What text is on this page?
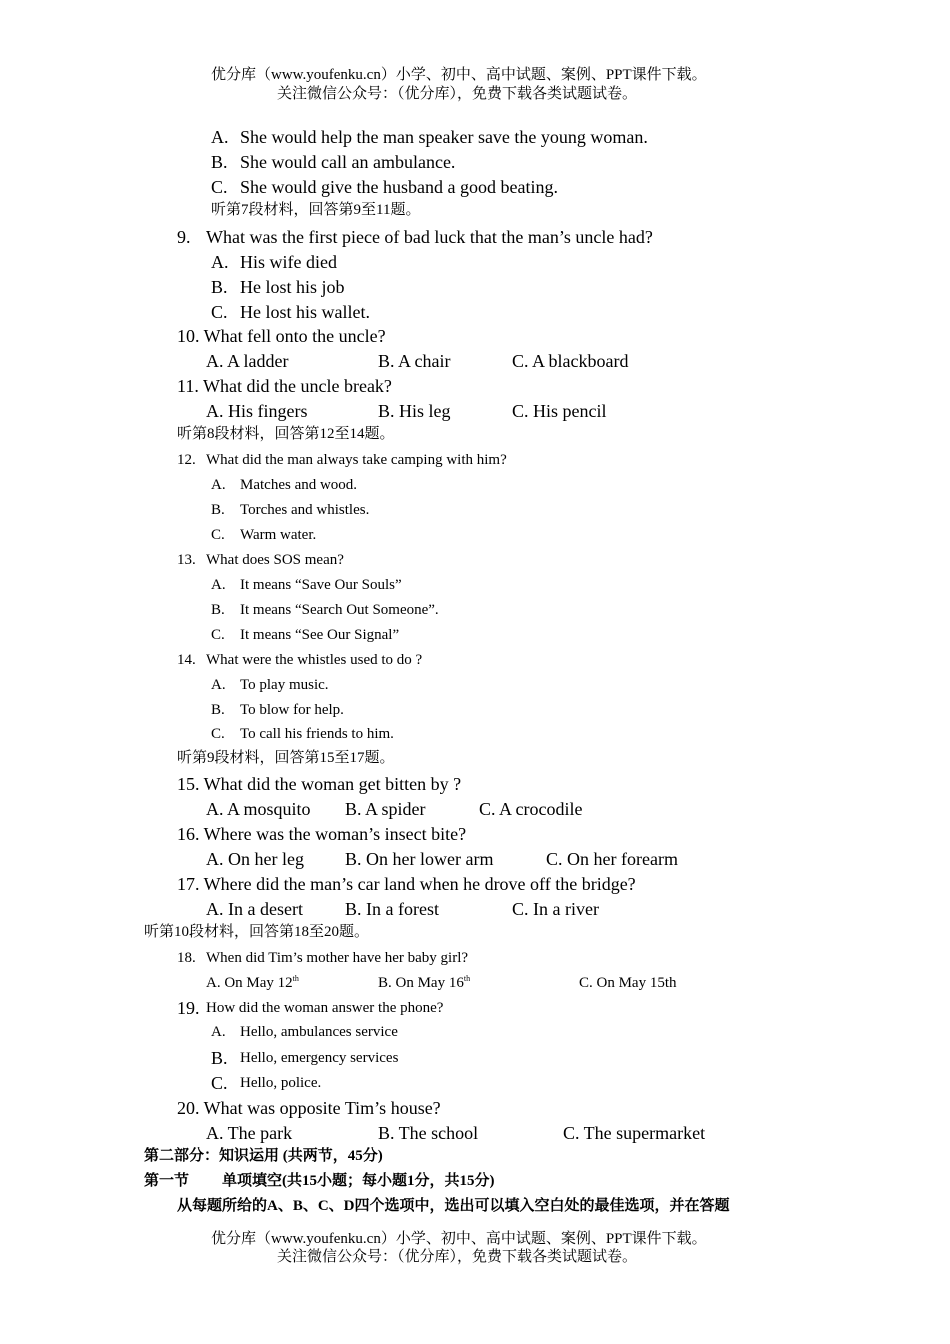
优分库（www.youfenku.cn）小学、初中、高中试题、案例、PPT课件下载。
关注微信公众号：（优分库），免费下载各类试题试卷。
A. She would help the man speaker save the young woman.
B. She would call an ambulance.
C. She would give the husband a good beating.
听第7段材料，回答第9至11题。
9. What was the first piece of bad luck that the man’s uncle had?
A. His wife died
B. He lost his job
C. He lost his wallet.
10. What fell onto the uncle?
A. A ladder	B. A chair	C. A blackboard
11. What did the uncle break?
A. His fingers	B. His leg	C. His pencil
听第8段材料，回答第12至14题。
12. What did the man always take camping with him?
A. Matches and wood.
B. Torches and whistles.
C. Warm water.
13. What does SOS mean?
A. It means “Save Our Souls”
B. It means “Search Out Someone”.
C. It means “See Our Signal”
14. What were the whistles used to do ?
A. To play music.
B. To blow for help.
C. To call his friends to him.
听第9段材料，回答第15至17题。
15. What did the woman get bitten by ?
A. A mosquito B. A spider	C. A crocodile
16. Where was the woman’s insect bite?
A. On her leg B. On her lower arm	C. On her forearm
17. Where did the man’s car land when he drove off the bridge?
A. In a desert B. In a forest	C. In a river
听第10段材料，回答第18至20题。
18. When did Tim’s mother have her baby girl?
A. On May 12th	B. On May 16th	C. On May 15th
19. How did the woman answer the phone?
A. Hello, ambulances service
B. Hello, emergency services
C. Hello, police.
20. What was opposite Tim’s house?
A. The park	B. The school	C. The supermarket
第二部分：知识运用 (共两节，45分)
第一节 单项填空(共15小题；每小题1分，共15分)
从每题所给的A、B、C、D四个选项中，选出可以填入空白处的最佳选项，并在答题
优分库（www.youfenku.cn）小学、初中、高中试题、案例、PPT课件下载。
关注微信公众号：（优分库），免费下载各类试题试卷。
